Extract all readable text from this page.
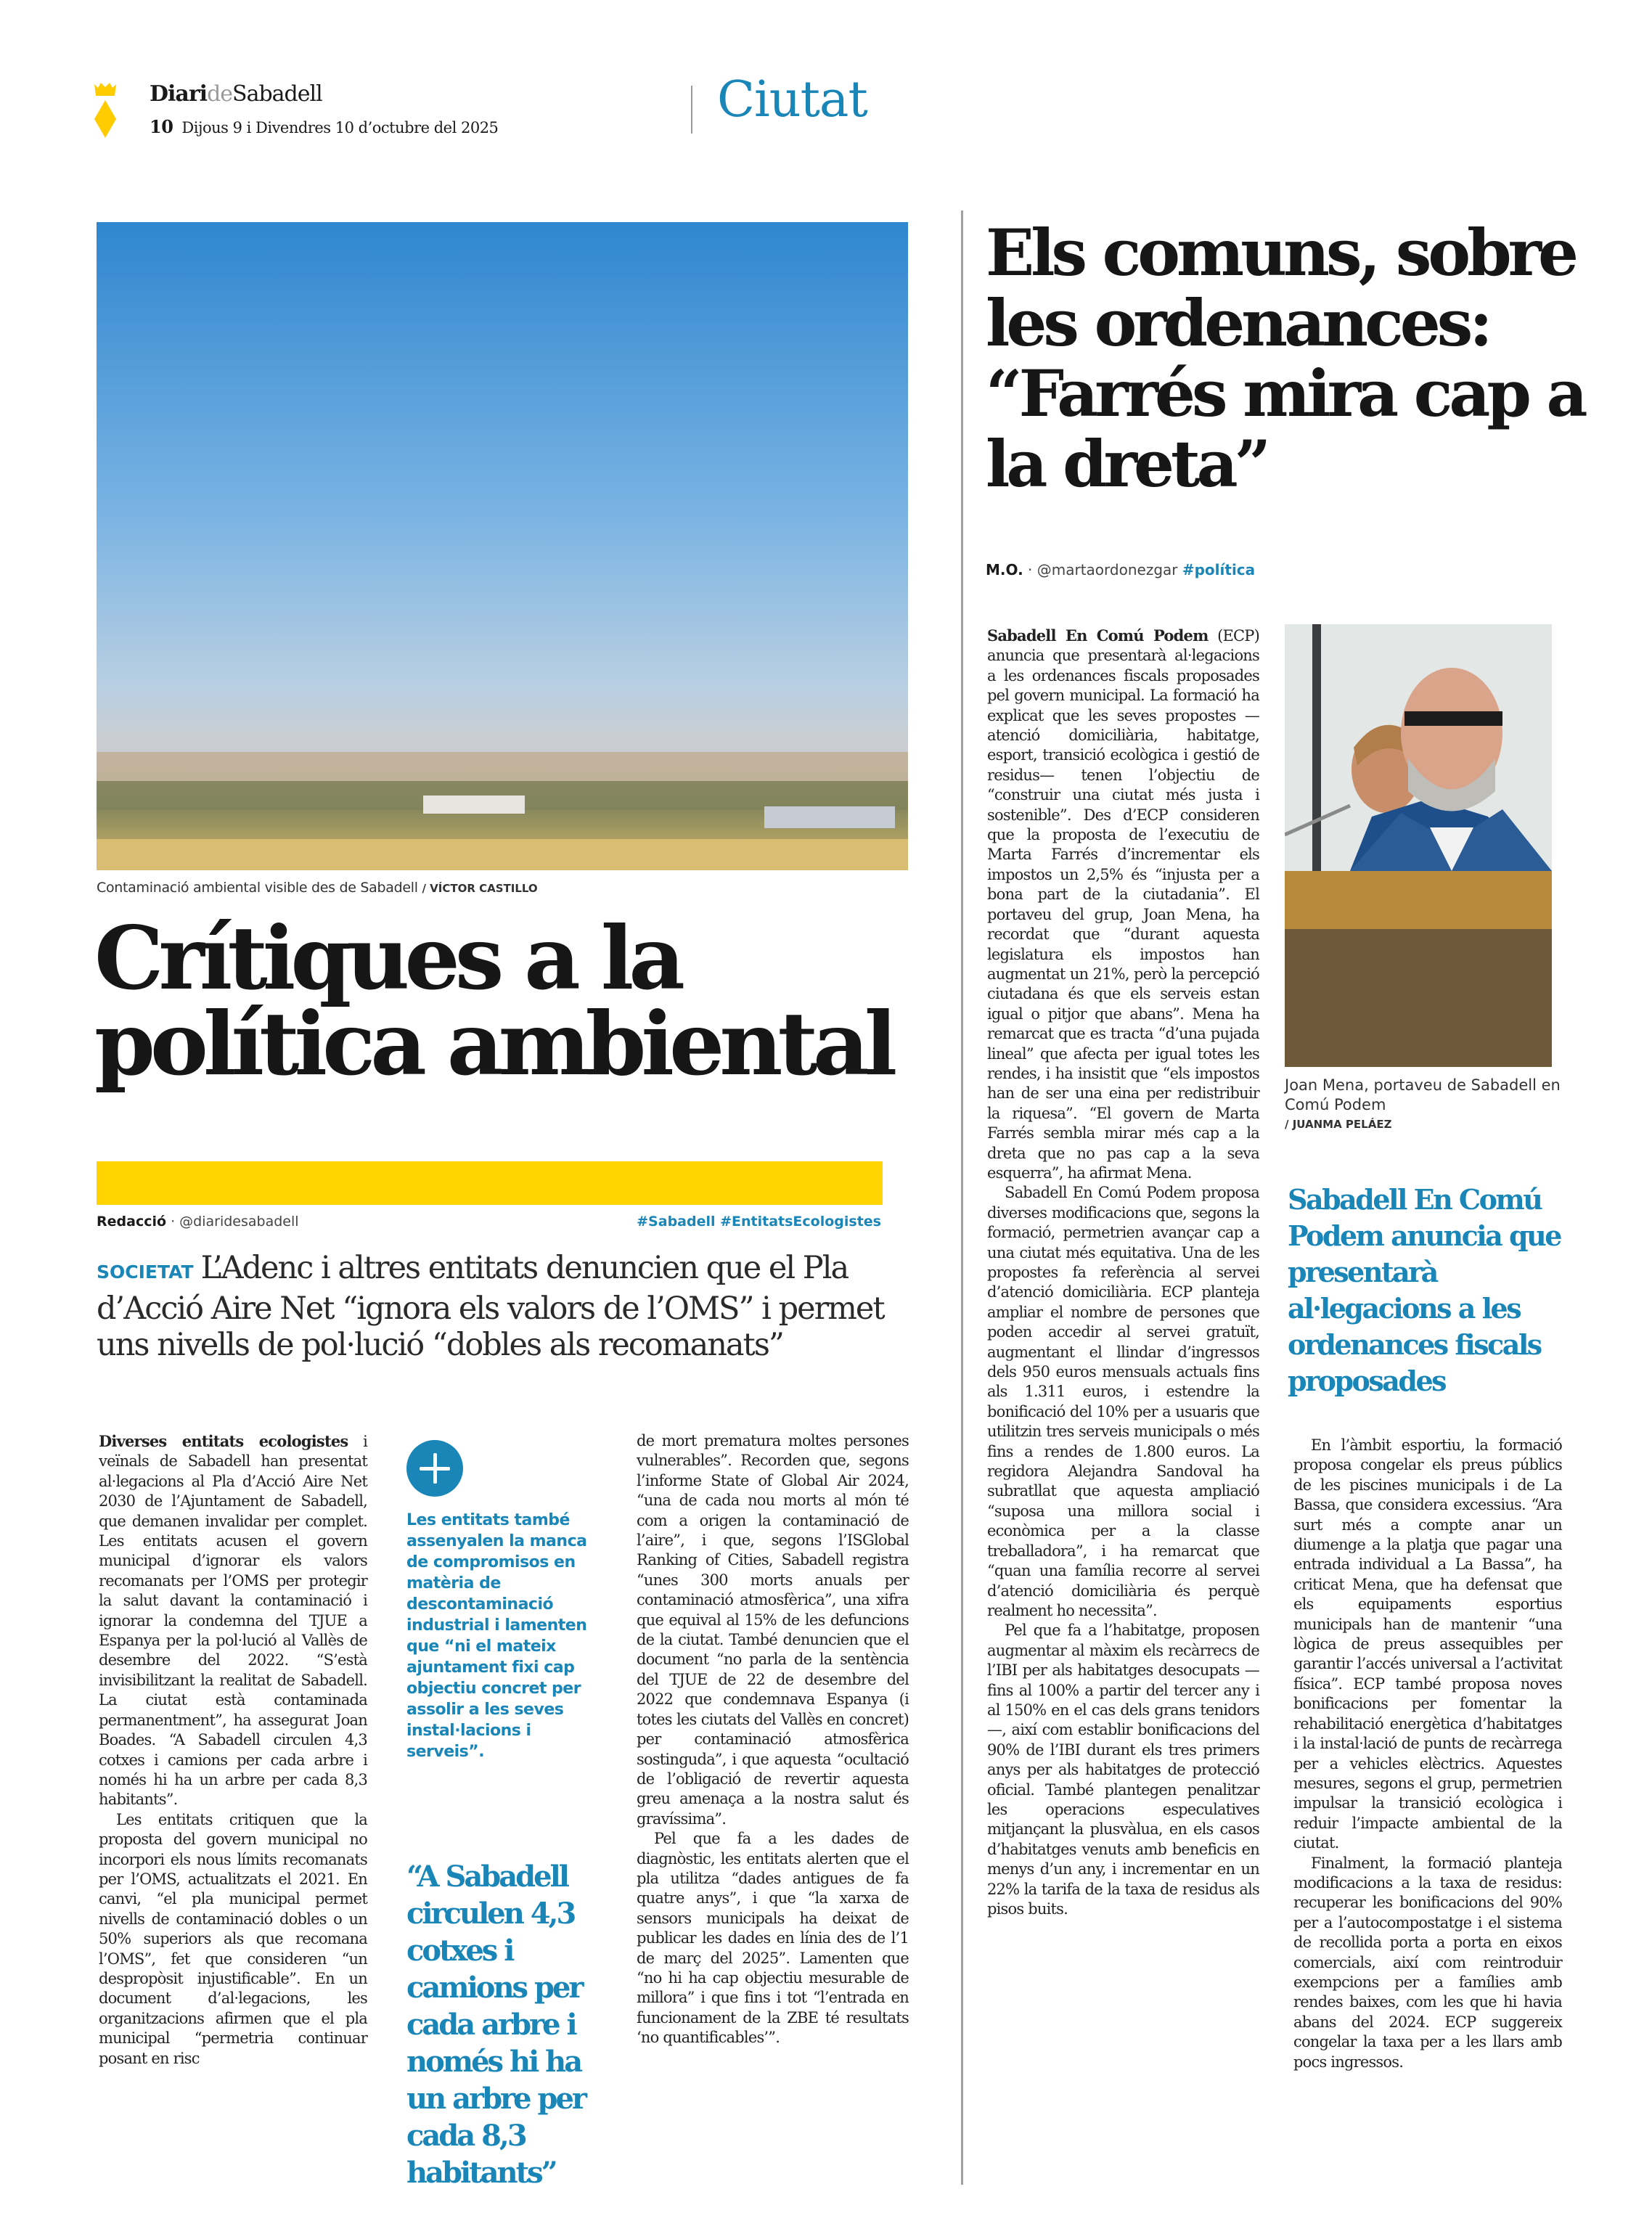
DiarideSabadell
10 Dijous 9 i Divendres 10 d’octubre del 2025	Ciutat
Contaminació ambiental visible des de Sabadell / VÍCTOR CASTILLO
Crítiques a la política ambiental
Redacció · @diaridesabadell	#Sabadell #EntitatsEcologistes
SOCIETAT L’Adenc i altres entitats denuncien que el Pla d’Acció Aire Net “ignora els valors de l’OMS” i permet uns nivells de pol·lució “dobles als recomanats”

Diverses entitats ecologistes i veïnals de Sabadell han presentat al·legacions al Pla d’Acció Aire Net 2030 de l’Ajuntament de Sabadell, que demanen invalidar per complet. Les entitats acusen el govern municipal d’ignorar els valors recomanats per l’OMS per protegir la salut davant la contaminació i ignorar la condemna del TJUE a Espanya per la pol·lució al Vallès de desembre del 2022. “S’està invisibilitzant la realitat de Sabadell. La ciutat està contaminada permanentment”, ha assegurat Joan Boades. “A Sabadell circulen 4,3 cotxes i camions per cada arbre i només hi ha un arbre per cada 8,3 habitants”.

Les entitats critiquen que la proposta del govern municipal no incorpori els nous límits recomanats per l’OMS, actualitzats el 2021. En canvi, “el pla municipal permet nivells de contaminació dobles o un 50% superiors als que recomana l’OMS”, fet que consideren “un despropòsit injustificable”. En un document d’al·legacions, les organitzacions afirmen que el pla municipal “permetria continuar posant en risc

Les entitats també assenyalen la manca de compromisos en matèria de descontaminació industrial i lamenten que “ni el mateix ajuntament fixi cap objectiu concret per assolir a les seves instal·lacions i serveis”.
“A Sabadell circulen 4,3 cotxes i camions per cada arbre i només hi ha un arbre per cada 8,3 habitants”

de mort prematura moltes persones vulnerables”. Recorden que, segons l’informe State of Global Air 2024, “una de cada nou morts al món té com a origen la contaminació de l’aire”, i que, segons l’ISGlobal Ranking of Cities, Sabadell registra “unes 300 morts anuals per contaminació atmosfèrica”, una xifra que equival al 15% de les defuncions de la ciutat. També denuncien que el document “no parla de la sentència del TJUE de 22 de desembre del 2022 que condemnava Espanya (i totes les ciutats del Vallès en concret) per contaminació atmosfèrica sostinguda”, i que aquesta “ocultació de l’obligació de revertir aquesta greu amenaça a la nostra salut és gravíssima”.

Pel que fa a les dades de diagnòstic, les entitats alerten que el pla utilitza “dades antigues de fa quatre anys”, i que “la xarxa de sensors municipals ha deixat de publicar les dades en línia des de l’1 de març del 2025”. Lamenten que “no hi ha cap objectiu mesurable de millora” i que fins i tot “l’entrada en funcionament de la ZBE té resultats ‘no quantificables’”.

Els comuns, sobre les ordenances: “Farrés mira cap a la dreta”
M.O. · @martaordonezgar #política

Sabadell En Comú Podem (ECP) anuncia que presentarà al·legacions a les ordenances fiscals proposades pel govern municipal. La formació ha explicat que les seves propostes —atenció domiciliària, habitatge, esport, transició ecològica i gestió de residus— tenen l’objectiu de “construir una ciutat més justa i sostenible”. Des d’ECP consideren que la proposta de l’executiu de Marta Farrés d’incrementar els impostos un 2,5% és “injusta per a bona part de la ciutadania”. El portaveu del grup, Joan Mena, ha recordat que “durant aquesta legislatura els impostos han augmentat un 21%, però la percepció ciutadana és que els serveis estan igual o pitjor que abans”. Mena ha remarcat que es tracta “d’una pujada lineal” que afecta per igual totes les rendes, i ha insistit que “els impostos han de ser una eina per redistribuir la riquesa”. “El govern de Marta Farrés sembla mirar més cap a la dreta que no pas cap a la seva esquerra”, ha afirmat Mena.

Sabadell En Comú Podem proposa diverses modificacions que, segons la formació, permetrien avançar cap a una ciutat més equitativa. Una de les propostes fa referència al servei d’atenció domiciliària. ECP planteja ampliar el nombre de persones que poden accedir al servei gratuït, augmentant el llindar d’ingressos dels 950 euros mensuals actuals fins als 1.311 euros, i estendre la bonificació del 10% per a usuaris que utilitzin tres serveis municipals o més fins a rendes de 1.800 euros. La regidora Alejandra Sandoval ha subratllat que aquesta ampliació “suposa una millora social i econòmica per a la classe treballadora”, i ha remarcat que “quan una família recorre al servei d’atenció domiciliària és perquè realment ho necessita”.

Pel que fa a l’habitatge, proposen augmentar al màxim els recàrrecs de l’IBI per als habitatges desocupats —fins al 100% a partir del tercer any i al 150% en el cas dels grans tenidors—, així com establir bonificacions del 90% de l’IBI durant els tres primers anys per als habitatges de protecció oficial. També plantegen penalitzar les operacions especulatives mitjançant la plusvàlua, en els casos d’habitatges venuts amb beneficis en menys d’un any, i incrementar en un 22% la tarifa de la taxa de residus als pisos buits.

Joan Mena, portaveu de Sabadell en Comú Podem
/ JUANMA PELÁEZ
Sabadell En Comú Podem anuncia que presentarà al·legacions a les ordenances fiscals proposades

En l’àmbit esportiu, la formació proposa congelar els preus públics de les piscines municipals i de La Bassa, que considera excessius. “Ara surt més a compte anar un diumenge a la platja que pagar una entrada individual a La Bassa”, ha criticat Mena, que ha defensat que els equipaments esportius municipals han de mantenir “una lògica de preus assequibles per garantir l’accés universal a l’activitat física”. ECP també proposa noves bonificacions per fomentar la rehabilitació energètica d’habitatges i la instal·lació de punts de recàrrega per a vehicles elèctrics. Aquestes mesures, segons el grup, permetrien impulsar la transició ecològica i reduir l’impacte ambiental de la ciutat.

Finalment, la formació planteja modificacions a la taxa de residus: recuperar les bonificacions del 90% per a l’autocompostatge i el sistema de recollida porta a porta en eixos comercials, així com reintroduir exempcions per a famílies amb rendes baixes, com les que hi havia abans del 2024. ECP suggereix congelar la taxa per a les llars amb pocs ingressos.
